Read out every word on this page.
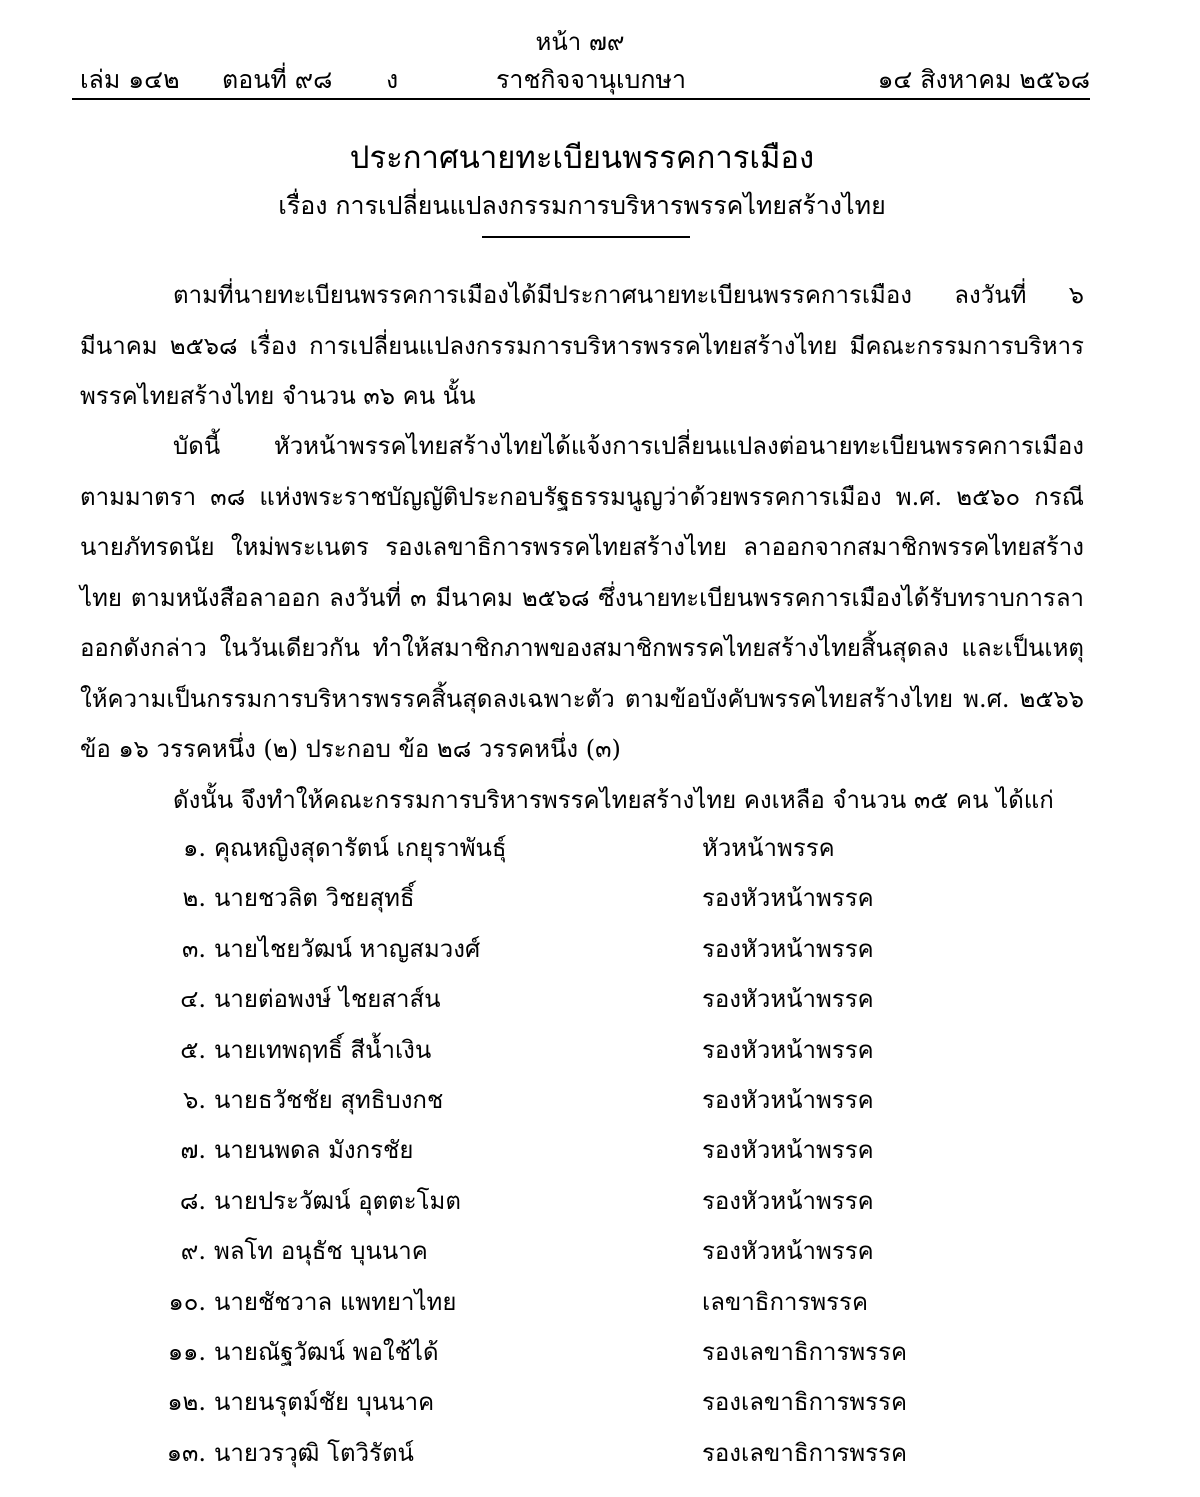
หน้า ๗๙
เล่ม ๑๔๒ ตอนที่ ๙๘ ง	ราชกิจจานุเบกษา	๑๔ สิงหาคม ๒๕๖๘
ประกาศนายทะเบียนพรรคการเมือง
เรื่อง การเปลี่ยนแปลงกรรมการบริหารพรรคไทยสร้างไทย
ตามที่นายทะเบียนพรรคการเมืองได้มีประกาศนายทะเบียนพรรคการเมือง ลงวันที่ ๖ มีนาคม ๒๕๖๘ เรื่อง การเปลี่ยนแปลงกรรมการบริหารพรรคไทยสร้างไทย มีคณะกรรมการบริหารพรรคไทยสร้างไทย จำนวน ๓๖ คน นั้น
บัดนี้ หัวหน้าพรรคไทยสร้างไทยได้แจ้งการเปลี่ยนแปลงต่อนายทะเบียนพรรคการเมือง ตามมาตรา ๓๘ แห่งพระราชบัญญัติประกอบรัฐธรรมนูญว่าด้วยพรรคการเมือง พ.ศ. ๒๕๖๐ กรณี นายภัทรดนัย ใหม่พระเนตร รองเลขาธิการพรรคไทยสร้างไทย ลาออกจากสมาชิกพรรคไทยสร้างไทย ตามหนังสือลาออก ลงวันที่ ๓ มีนาคม ๒๕๖๘ ซึ่งนายทะเบียนพรรคการเมืองได้รับทราบการลาออกดังกล่าว ในวันเดียวกัน ทำให้สมาชิกภาพของสมาชิกพรรคไทยสร้างไทยสิ้นสุดลง และเป็นเหตุให้ความเป็นกรรมการบริหารพรรคสิ้นสุดลงเฉพาะตัว ตามข้อบังคับพรรคไทยสร้างไทย พ.ศ. ๒๕๖๖ ข้อ ๑๖ วรรคหนึ่ง (๒) ประกอบ ข้อ ๒๘ วรรคหนึ่ง (๓)
ดังนั้น จึงทำให้คณะกรรมการบริหารพรรคไทยสร้างไทย คงเหลือ จำนวน ๓๕ คน ได้แก่
๑. คุณหญิงสุดารัตน์ เกยุราพันธุ์	หัวหน้าพรรค
๒. นายชวลิต วิชยสุทธิ์	รองหัวหน้าพรรค
๓. นายไชยวัฒน์ หาญสมวงศ์	รองหัวหน้าพรรค
๔. นายต่อพงษ์ ไชยสาส์น	รองหัวหน้าพรรค
๕. นายเทพฤทธิ์ สีน้ำเงิน	รองหัวหน้าพรรค
๖. นายธวัชชัย สุทธิบงกช	รองหัวหน้าพรรค
๗. นายนพดล มังกรชัย	รองหัวหน้าพรรค
๘. นายประวัฒน์ อุตตะโมต	รองหัวหน้าพรรค
๙. พลโท อนุธัช บุนนาค	รองหัวหน้าพรรค
๑๐. นายชัชวาล แพทยาไทย	เลขาธิการพรรค
๑๑. นายณัฐวัฒน์ พอใช้ได้	รองเลขาธิการพรรค
๑๒. นายนรุตม์ชัย บุนนาค	รองเลขาธิการพรรค
๑๓. นายวรวุฒิ โตวิรัตน์	รองเลขาธิการพรรค
